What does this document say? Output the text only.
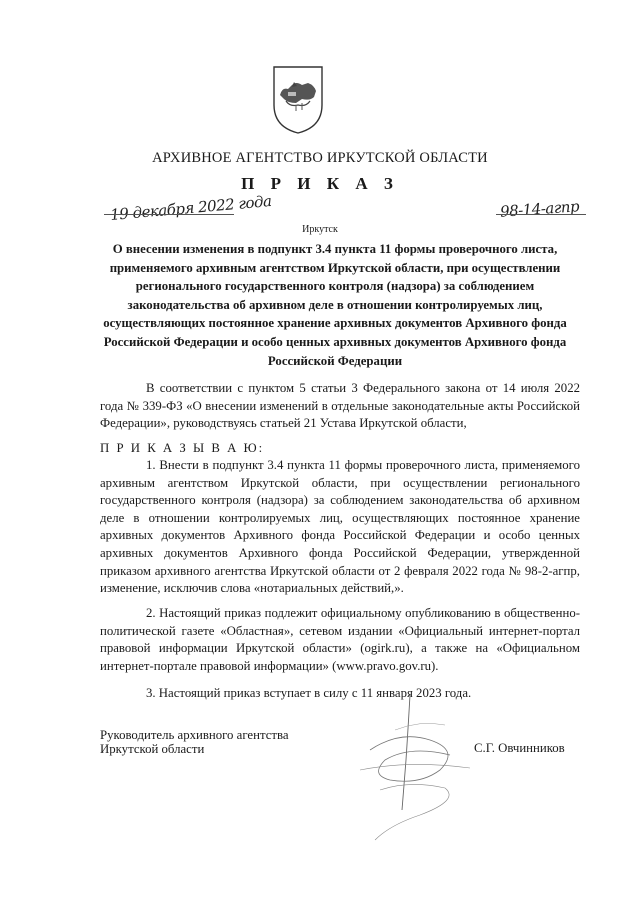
АРХИВНОЕ АГЕНТСТВО ИРКУТСКОЙ ОБЛАСТИ
П Р И К А З
19 декабря 2022 года	98-14-агпр
Иркутск
О внесении изменения в подпункт 3.4 пункта 11 формы проверочного листа, применяемого архивным агентством Иркутской области, при осуществлении регионального государственного контроля (надзора) за соблюдением законодательства об архивном деле в отношении контролируемых лиц, осуществляющих постоянное хранение архивных документов Архивного фонда Российской Федерации и особо ценных архивных документов Архивного фонда Российской Федерации
В соответствии с пунктом 5 статьи 3 Федерального закона от 14 июля 2022 года № 339-ФЗ «О внесении изменений в отдельные законодательные акты Российской Федерации», руководствуясь статьей 21 Устава Иркутской области,
П Р И К А З Ы В А Ю:
1. Внести в подпункт 3.4 пункта 11 формы проверочного листа, применяемого архивным агентством Иркутской области, при осуществлении регионального государственного контроля (надзора) за соблюдением законодательства об архивном деле в отношении контролируемых лиц, осуществляющих постоянное хранение архивных документов Архивного фонда Российской Федерации и особо ценных архивных документов Архивного фонда Российской Федерации, утвержденной приказом архивного агентства Иркутской области от 2 февраля 2022 года № 98-2-агпр, изменение, исключив слова «нотариальных действий,».
2. Настоящий приказ подлежит официальному опубликованию в общественно-политической газете «Областная», сетевом издании «Официальный интернет-портал правовой информации Иркутской области» (ogirk.ru), а также на «Официальном интернет-портале правовой информации» (www.pravo.gov.ru).
3. Настоящий приказ вступает в силу с 11 января 2023 года.
Руководитель архивного агентства
Иркутской области	С.Г. Овчинников
